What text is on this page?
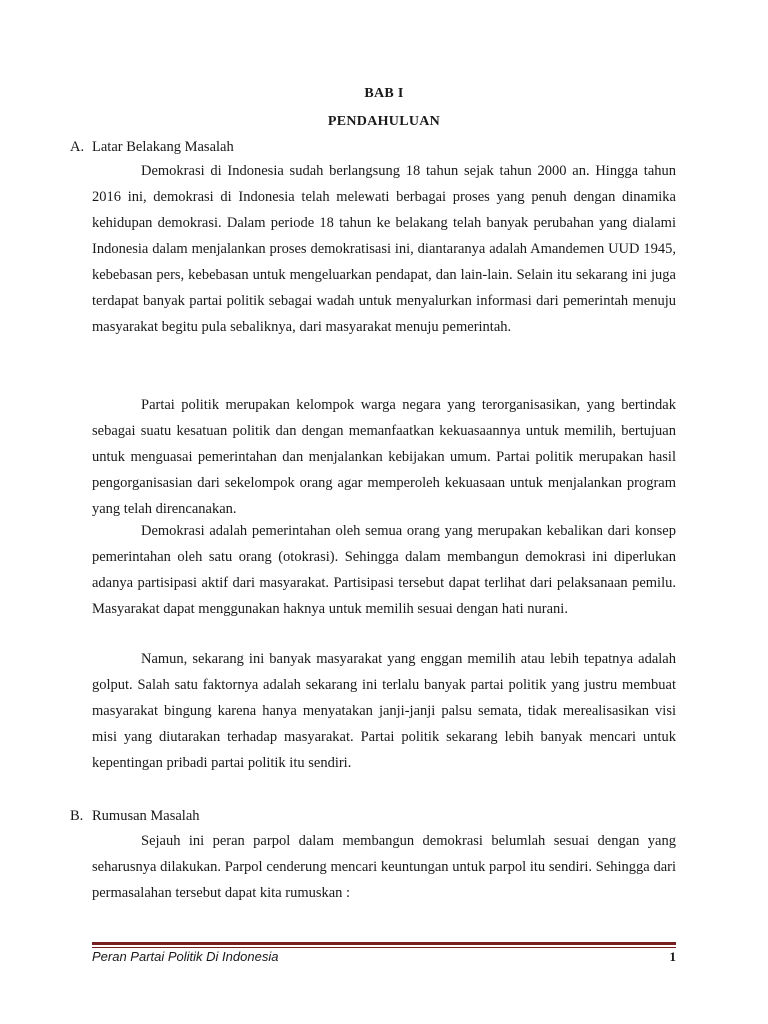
BAB I
PENDAHULUAN
A. Latar Belakang Masalah

Demokrasi di Indonesia sudah berlangsung 18 tahun sejak tahun 2000 an. Hingga tahun 2016 ini, demokrasi di Indonesia telah melewati berbagai proses yang penuh dengan dinamika kehidupan demokrasi. Dalam periode 18 tahun ke belakang telah banyak perubahan yang dialami Indonesia dalam menjalankan proses demokratisasi ini, diantaranya adalah Amandemen UUD 1945, kebebasan pers, kebebasan untuk mengeluarkan pendapat, dan lain-lain. Selain itu sekarang ini juga terdapat banyak partai politik sebagai wadah untuk menyalurkan informasi dari pemerintah menuju masyarakat begitu pula sebaliknya, dari masyarakat menuju pemerintah.

Partai politik merupakan kelompok warga negara yang terorganisasikan, yang bertindak sebagai suatu kesatuan politik dan dengan memanfaatkan kekuasaannya untuk memilih, bertujuan untuk menguasai pemerintahan dan menjalankan kebijakan umum. Partai politik merupakan hasil pengorganisasian dari sekelompok orang agar memperoleh kekuasaan untuk menjalankan program yang telah direncanakan.

Demokrasi adalah pemerintahan oleh semua orang yang merupakan kebalikan dari konsep pemerintahan oleh satu orang (otokrasi). Sehingga dalam membangun demokrasi ini diperlukan adanya partisipasi aktif dari masyarakat. Partisipasi tersebut dapat terlihat dari pelaksanaan pemilu. Masyarakat dapat menggunakan haknya untuk memilih sesuai dengan hati nurani.

Namun, sekarang ini banyak masyarakat yang enggan memilih atau lebih tepatnya adalah golput. Salah satu faktornya adalah sekarang ini terlalu banyak partai politik yang justru membuat masyarakat bingung karena hanya menyatakan janji-janji palsu semata, tidak merealisasikan visi misi yang diutarakan terhadap masyarakat. Partai politik sekarang lebih banyak mencari untuk kepentingan pribadi partai politik itu sendiri.

B. Rumusan Masalah

Sejauh ini peran parpol dalam membangun demokrasi belumlah sesuai dengan yang seharusnya dilakukan. Parpol cenderung mencari keuntungan untuk parpol itu sendiri. Sehingga dari permasalahan tersebut dapat kita rumuskan :

Peran Partai Politik Di Indonesia	1
